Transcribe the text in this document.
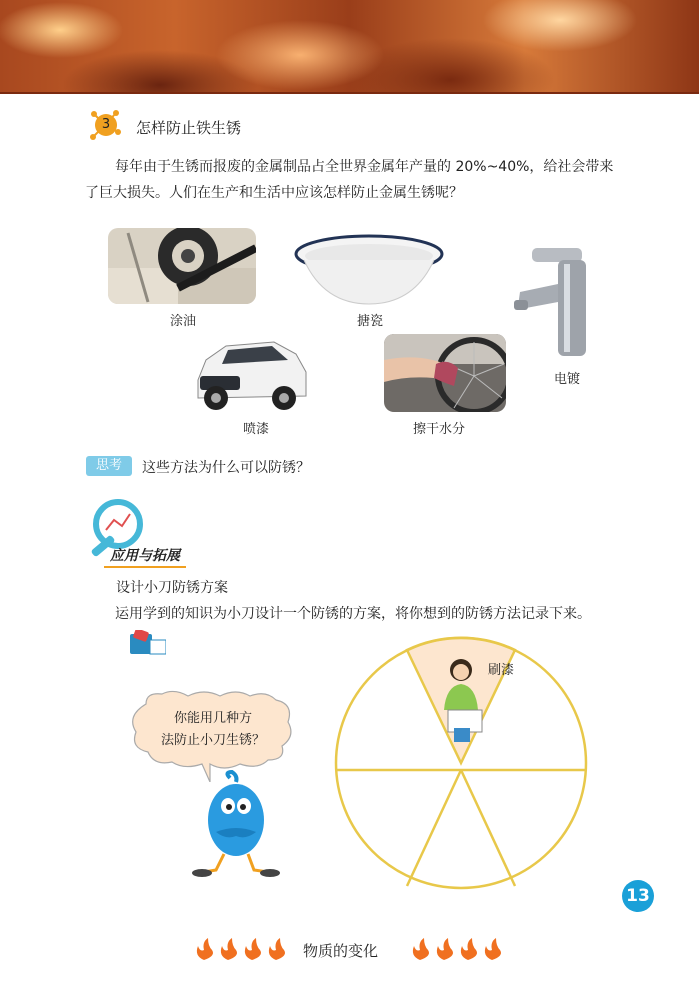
3	怎样防止铁生锈
每年由于生锈而报废的金属制品占全世界金属年产量的 20%~40%，给社会带来了巨大损失。人们在生产和生活中应该怎样防止金属生锈呢？
涂油	搪瓷
电镀
喷漆	擦干水分
思考	这些方法为什么可以防锈？
应用与拓展
设计小刀防锈方案
运用学到的知识为小刀设计一个防锈的方案，将你想到的防锈方法记录下来。
你能用几种方
法防止小刀生锈？
刷漆
13
物质的变化
